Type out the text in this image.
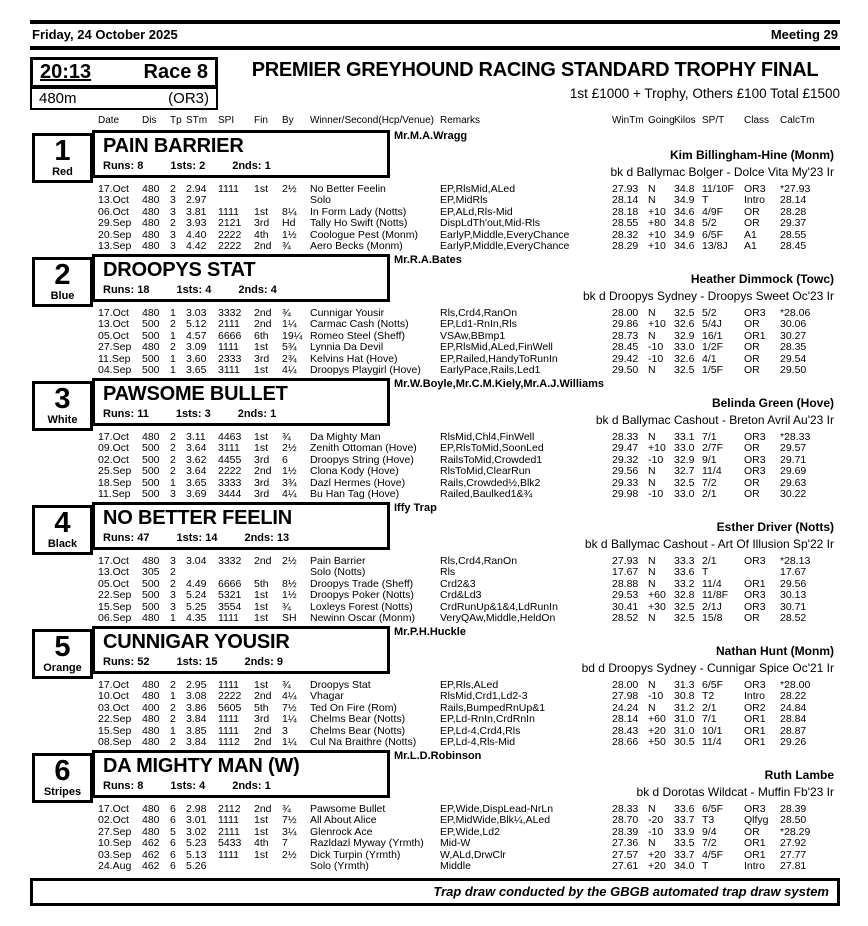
Friday, 24 October 2025	Meeting 29
20:13	Race 8
480m	(OR3)
PREMIER GREYHOUND RACING STANDARD TROPHY FINAL
1st £1000 + Trophy, Others £100 Total £1500
Date	Dis	Tp	STm	SPI	Fin	By	Winner/Second(Hcp/Venue)	Remarks	WinTm	Going	Kilos	SP/T	Class	CalcTm
1
Red
PAIN BARRIER
Runs: 8 1sts: 2 2nds: 1
Mr.M.A.Wragg
Kim Billingham-Hine (Monm)
bk d Ballymac Bolger - Dolce Vita My'23 Ir
17.Oct	480	2	2.94	1111	1st	2½	No Better Feelin	EP,RlsMid,ALed	27.93	N	34.8	11/10F	OR3	*27.93
13.Oct	480	3	2.97				Solo	EP,MidRls	28.14	N	34.9	T	Intro	28.14
06.Oct	480	3	3.81	1111	1st	8¼	In Form Lady (Notts)	EP,ALd,Rls-Mid	28.18	+10	34.6	4/9F	OR	28.28
29.Sep	480	2	3.93	2121	3rd	Hd	Tally Ho Swift (Notts)	DispLdTh'out,Mid-Rls	28.55	+80	34.8	5/2	OR	29.37
20.Sep	480	3	4.40	2222	4th	1½	Coologue Pest (Monm)	EarlyP,Middle,EveryChance	28.32	+10	34.9	6/5F	A1	28.55
13.Sep	480	3	4.42	2222	2nd	¾	Aero Becks (Monm)	EarlyP,Middle,EveryChance	28.29	+10	34.6	13/8J	A1	28.45
2
Blue
DROOPYS STAT
Runs: 18 1sts: 4 2nds: 4
Mr.R.A.Bates
Heather Dimmock (Towc)
bk d Droopys Sydney - Droopys Sweet Oc'23 Ir
17.Oct	480	1	3.03	3332	2nd	¾	Cunnigar Yousir	Rls,Crd4,RanOn	28.00	N	32.5	5/2	OR3	*28.06
13.Oct	500	2	5.12	2111	2nd	1¼	Carmac Cash (Notts)	EP,Ld1-RnIn,Rls	29.86	+10	32.6	5/4J	OR	30.06
05.Oct	500	1	4.57	6666	6th	19¼	Romeo Steel (Sheff)	VSAw,BBmp1	28.73	N	32.9	16/1	OR1	30.27
27.Sep	480	2	3.09	1111	1st	5¾	Lynnia Da Devil	EP,RlsMid,ALed,FinWell	28.45	-10	33.0	1/2F	OR	28.35
11.Sep	500	1	3.60	2333	3rd	2¾	Kelvins Hat (Hove)	EP,Railed,HandyToRunIn	29.42	-10	32.6	4/1	OR	29.54
04.Sep	500	1	3.65	3111	1st	4¼	Droopys Playgirl (Hove)	EarlyPace,Rails,Led1	29.50	N	32.5	1/5F	OR	29.50
3
White
PAWSOME BULLET
Runs: 11 1sts: 3 2nds: 1
Mr.W.Boyle,Mr.C.M.Kiely,Mr.A.J.Williams
Belinda Green (Hove)
bk d Ballymac Cashout - Breton Avril Au'23 Ir
17.Oct	480	2	3.11	4463	1st	¾	Da Mighty Man	RlsMid,Chl4,FinWell	28.33	N	33.1	7/1	OR3	*28.33
09.Oct	500	2	3.64	3111	1st	2½	Zenith Ottoman (Hove)	EP,RlsToMid,SoonLed	29.47	+10	33.0	2/7F	OR	29.57
02.Oct	500	2	3.62	4455	3rd	6	Droopys String (Hove)	RailsToMid,Crowded1	29.32	-10	32.9	9/1	OR3	29.71
25.Sep	500	2	3.64	2222	2nd	1½	Clona Kody (Hove)	RlsToMid,ClearRun	29.56	N	32.7	11/4	OR3	29.69
18.Sep	500	1	3.65	3333	3rd	3¾	Dazl Hermes (Hove)	Rails,Crowded½,Blk2	29.33	N	32.5	7/2	OR	29.63
11.Sep	500	3	3.69	3444	3rd	4¼	Bu Han Tag (Hove)	Railed,Baulked1&¾	29.98	-10	33.0	2/1	OR	30.22
4
Black
NO BETTER FEELIN
Runs: 47 1sts: 14 2nds: 13
Iffy Trap
Esther Driver (Notts)
bk d Ballymac Cashout - Art Of Illusion Sp'22 Ir
17.Oct	480	3	3.04	3332	2nd	2½	Pain Barrier	Rls,Crd4,RanOn	27.93	N	33.3	2/1	OR3	*28.13
13.Oct	305	2					Solo (Notts)	Rls	17.67	N	33.6	T		17.67
05.Oct	500	2	4.49	6666	5th	8½	Droopys Trade (Sheff)	Crd2&3	28.88	N	33.2	11/4	OR1	29.56
22.Sep	500	3	5.24	5321	1st	1½	Droopys Poker (Notts)	Crd&Ld3	29.53	+60	32.8	11/8F	OR3	30.13
15.Sep	500	3	5.25	3554	1st	¾	Loxleys Forest (Notts)	CrdRunUp&1&4,LdRunIn	30.41	+30	32.5	2/1J	OR3	30.71
06.Sep	480	1	4.35	1111	1st	SH	Newinn Oscar (Monm)	VeryQAw,Middle,HeldOn	28.52	N	32.5	15/8	OR	28.52
5
Orange
CUNNIGAR YOUSIR
Runs: 52 1sts: 15 2nds: 9
Mr.P.H.Huckle
Nathan Hunt (Monm)
bd d Droopys Sydney - Cunnigar Spice Oc'21 Ir
17.Oct	480	2	2.95	1111	1st	¾	Droopys Stat	EP,Rls,ALed	28.00	N	31.3	6/5F	OR3	*28.00
10.Oct	480	1	3.08	2222	2nd	4¼	Vhagar	RlsMid,Crd1,Ld2-3	27.98	-10	30.8	T2	Intro	28.22
03.Oct	400	2	3.86	5605	5th	7½	Ted On Fire (Rom)	Rails,BumpedRnUp&1	24.24	N	31.2	2/1	OR2	24.84
22.Sep	480	2	3.84	1111	3rd	1¼	Chelms Bear (Notts)	EP,Ld-RnIn,CrdRnIn	28.14	+60	31.0	7/1	OR1	28.84
15.Sep	480	1	3.85	1111	2nd	3	Chelms Bear (Notts)	EP,Ld-4,Crd4,Rls	28.43	+20	31.0	10/1	OR1	28.87
08.Sep	480	2	3.84	1112	2nd	1¼	Cul Na Braithre (Notts)	EP,Ld-4,Rls-Mid	28.66	+50	30.5	11/4	OR1	29.26
6
Stripes
DA MIGHTY MAN (W)
Runs: 8 1sts: 4 2nds: 1
Mr.L.D.Robinson
Ruth Lambe
bk d Dorotas Wildcat - Muffin Fb'23 Ir
17.Oct	480	6	2.98	2112	2nd	¾	Pawsome Bullet	EP,Wide,DispLead-NrLn	28.33	N	33.6	6/5F	OR3	28.39
02.Oct	480	6	3.01	1111	1st	7½	All About Alice	EP,MidWide,Blk¼,ALed	28.70	-20	33.7	T3	Qlfyg	28.50
27.Sep	480	5	3.02	2111	1st	3¼	Glenrock Ace	EP,Wide,Ld2	28.39	-10	33.9	9/4	OR	*28.29
10.Sep	462	6	5.23	5433	4th	7	Razldazl Myway (Yrmth)	Mid-W	27.36	N	33.5	7/2	OR1	27.92
03.Sep	462	6	5.13	1111	1st	2½	Dick Turpin (Yrmth)	W,ALd,DrwClr	27.57	+20	33.7	4/5F	OR1	27.77
24.Aug	462	6	5.26				Solo (Yrmth)	Middle	27.61	+20	34.0	T	Intro	27.81
Trap draw conducted by the GBGB automated trap draw system
